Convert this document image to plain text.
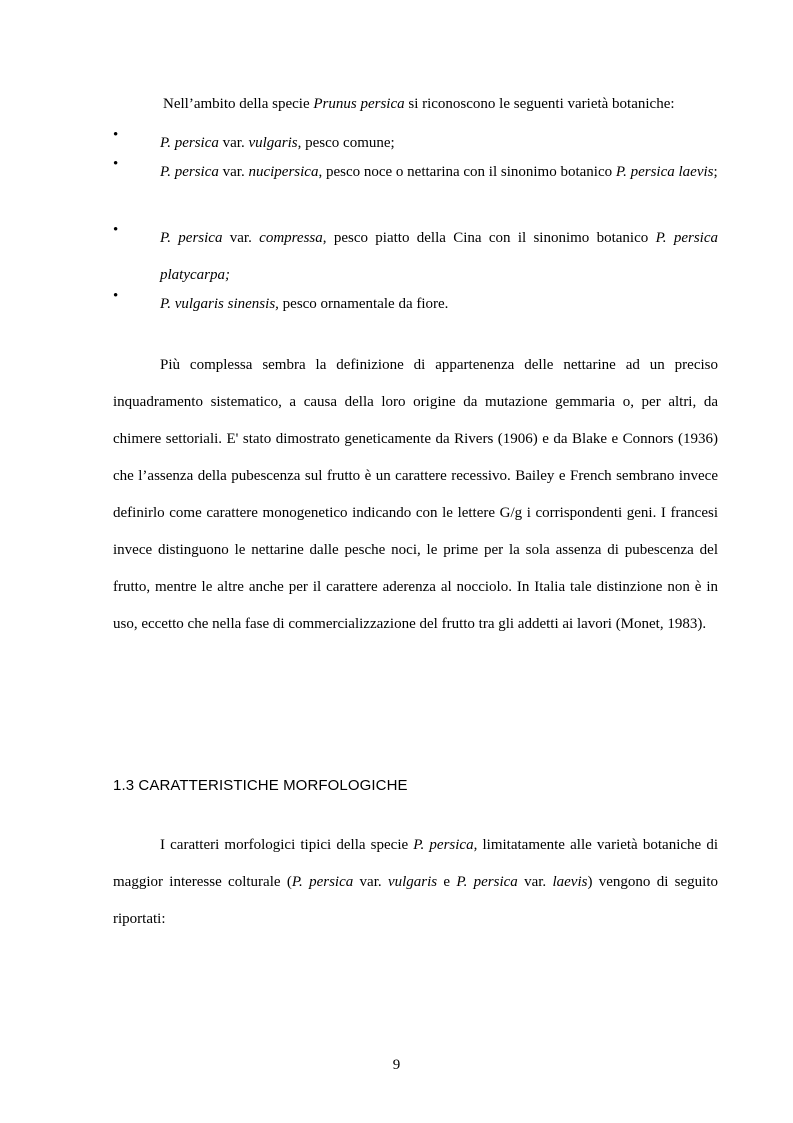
Nell’ambito della specie Prunus persica si riconoscono le seguenti varietà botaniche:
•	P. persica var. vulgaris, pesco comune;
•	P. persica var. nucipersica, pesco noce o nettarina con il sinonimo botanico P. persica laevis;
•	P. persica var. compressa, pesco piatto della Cina con il sinonimo botanico P. persica platycarpa;
•	P. vulgaris sinensis, pesco ornamentale da fiore.

Più complessa sembra la definizione di appartenenza delle nettarine ad un preciso inquadramento sistematico, a causa della loro origine da mutazione gemmaria o, per altri, da chimere settoriali. E' stato dimostrato geneticamente da Rivers (1906) e da Blake e Connors (1936) che l’assenza della pubescenza sul frutto è un carattere recessivo. Bailey e French sembrano invece definirlo come carattere monogenetico indicando con le lettere G/g i corrispondenti geni. I francesi invece distinguono le nettarine dalle pesche noci, le prime per la sola assenza di pubescenza del frutto, mentre le altre anche per il carattere aderenza al nocciolo. In Italia tale distinzione non è in uso, eccetto che nella fase di commercializzazione del frutto tra gli addetti ai lavori (Monet, 1983).

1.3 CARATTERISTICHE MORFOLOGICHE

I caratteri morfologici tipici della specie P. persica, limitatamente alle varietà botaniche di maggior interesse colturale (P. persica var. vulgaris e P. persica var. laevis) vengono di seguito riportati:

9
